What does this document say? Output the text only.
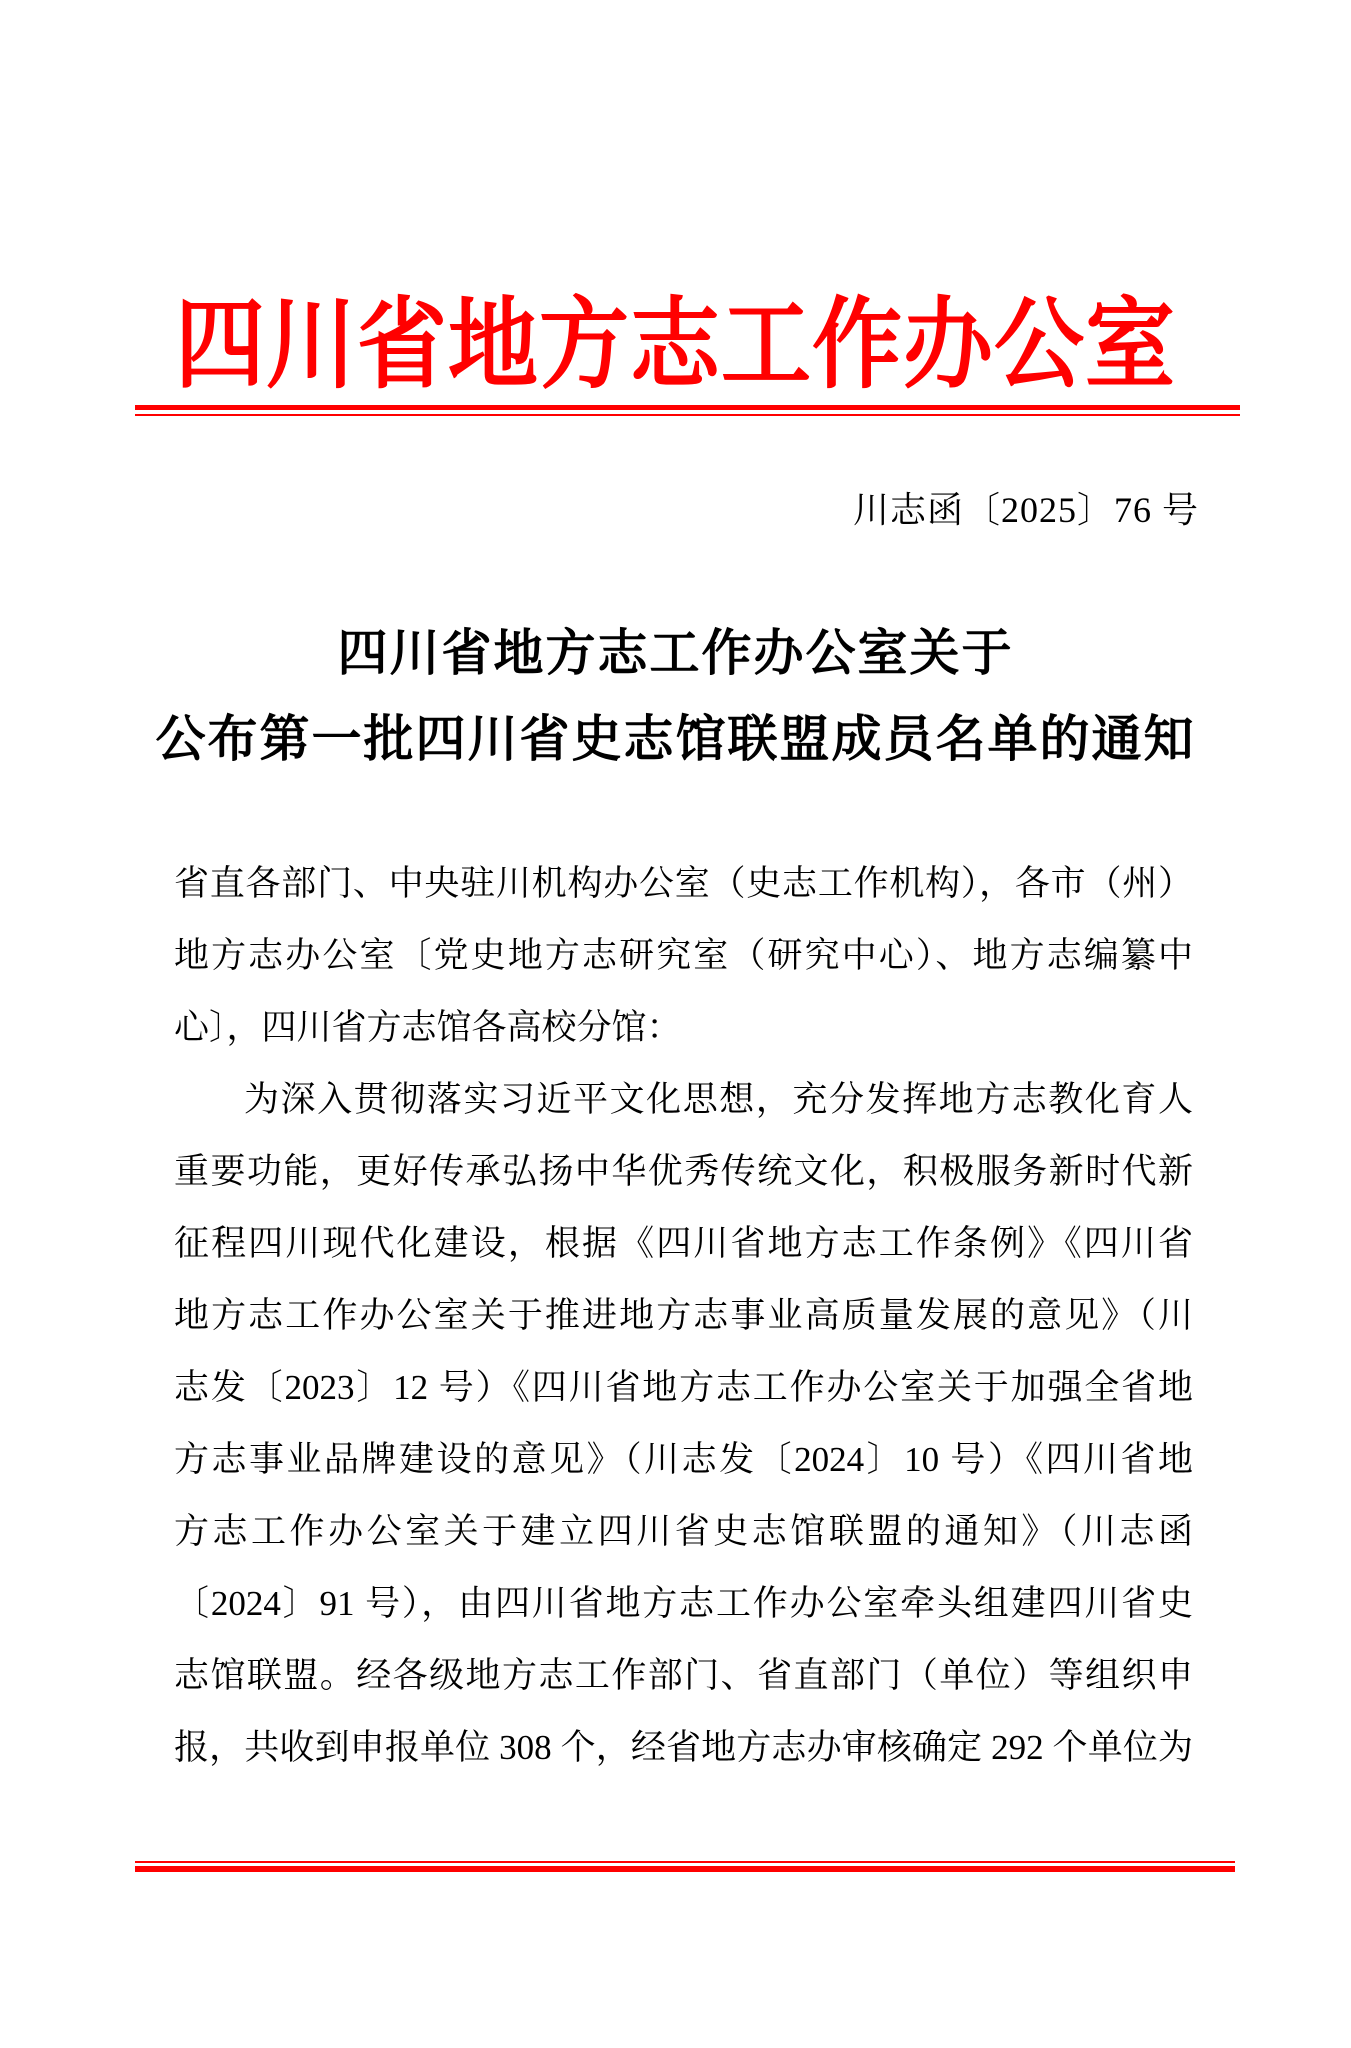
四川省地方志工作办公室
川志函〔2025〕76 号
四川省地方志工作办公室关于
公布第一批四川省史志馆联盟成员名单的通知
省直各部门、中央驻川机构办公室（史志工作机构），各市（州）
地方志办公室〔党史地方志研究室（研究中心）、地方志编纂中
心〕，四川省方志馆各高校分馆：
为深入贯彻落实习近平文化思想，充分发挥地方志教化育人
重要功能，更好传承弘扬中华优秀传统文化，积极服务新时代新
征程四川现代化建设，根据《四川省地方志工作条例》《四川省
地方志工作办公室关于推进地方志事业高质量发展的意见》（川
志发〔2023〕12 号）《四川省地方志工作办公室关于加强全省地
方志事业品牌建设的意见》（川志发〔2024〕10 号）《四川省地
方志工作办公室关于建立四川省史志馆联盟的通知》（川志函
〔2024〕91 号），由四川省地方志工作办公室牵头组建四川省史
志馆联盟。经各级地方志工作部门、省直部门（单位）等组织申
报，共收到申报单位 308 个，经省地方志办审核确定 292 个单位为
